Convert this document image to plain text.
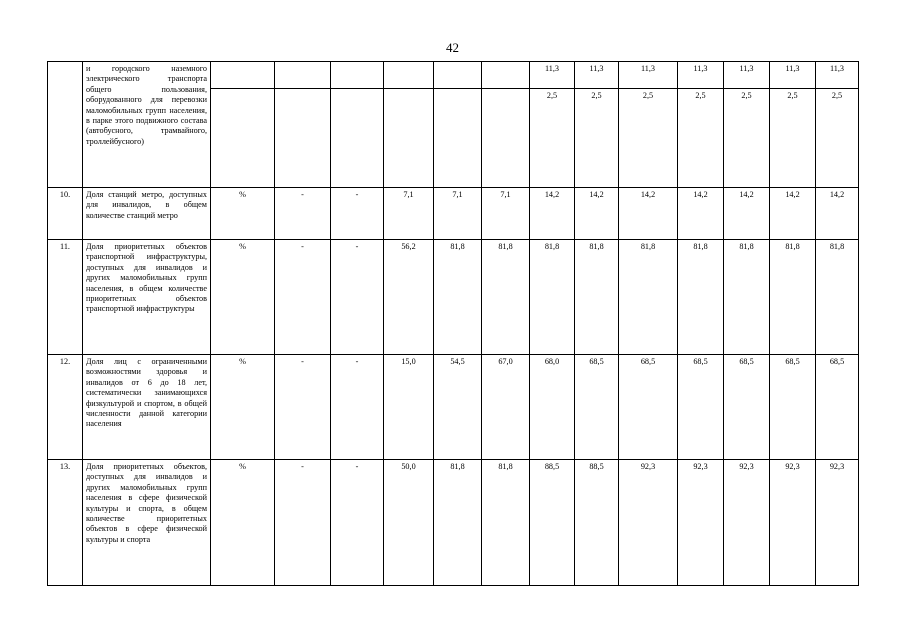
42
	и городского наземного электрического транспорта общего пользования, оборудованного для перевозки маломобильных групп населения, в парке этого подвижного состава (автобусного, трамвайного, троллейбусного)							11,3	11,3	11,3	11,3	11,3	11,3	11,3
								2,5	2,5	2,5	2,5	2,5	2,5	2,5
10.	Доля станций метро, доступных для инвалидов, в общем количестве станций метро	%	-	-	7,1	7,1	7,1	14,2	14,2	14,2	14,2	14,2	14,2	14,2
11.	Доля приоритетных объектов транспортной инфраструктуры, доступных для инвалидов и других маломобильных групп населения, в общем количестве приоритетных объектов транспортной инфраструктуры	%	-	-	56,2	81,8	81,8	81,8	81,8	81,8	81,8	81,8	81,8	81,8
12.	Доля лиц с ограниченными возможностями здоровья и инвалидов от 6 до 18 лет, систематически занимающихся физкультурой и спортом, в общей численности данной категории населения	%	-	-	15,0	54,5	67,0	68,0	68,5	68,5	68,5	68,5	68,5	68,5
13.	Доля приоритетных объектов, доступных для инвалидов и других маломобильных групп населения в сфере физической культуры и спорта, в общем количестве приоритетных объектов в сфере физической культуры и спорта	%	-	-	50,0	81,8	81,8	88,5	88,5	92,3	92,3	92,3	92,3	92,3
